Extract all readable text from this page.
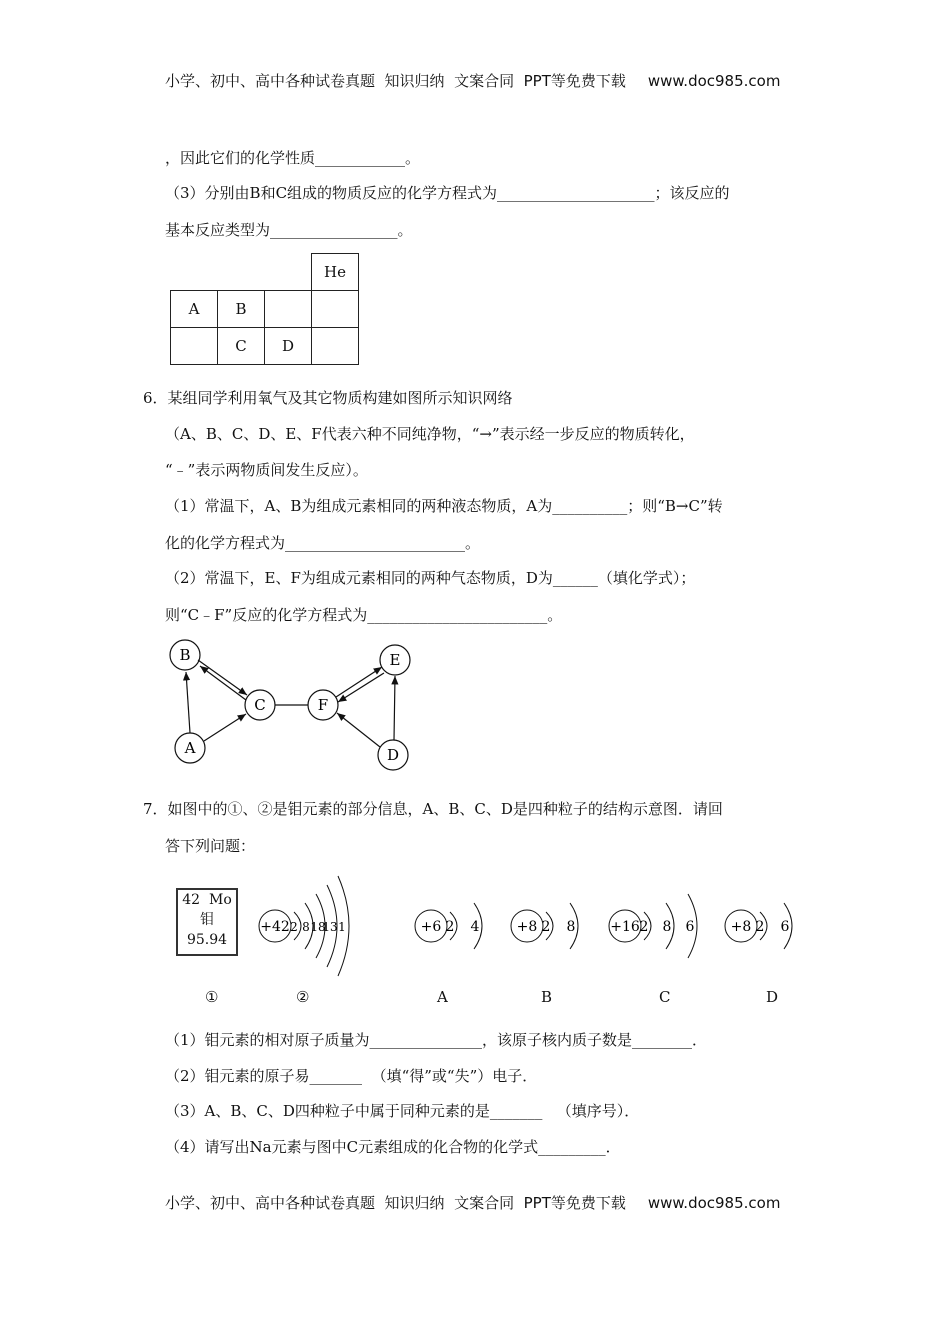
小学、初中、高中各种试卷真题  知识归纳  文案合同  PPT等免费下载 www.doc985.com
，因此它们的化学性质____________。
（3）分别由B和C组成的物质反应的化学方程式为_____________________；该反应的
基本反应类型为_________________。
			He
A	B		
	C	D	
6．某组同学利用氧气及其它物质构建如图所示知识网络
（A、B、C、D、E、F代表六种不同纯净物，“→”表示经一步反应的物质转化，
“﹣”表示两物质间发生反应）。
（1）常温下，A、B为组成元素相同的两种液态物质，A为__________；则“B→C”转
化的化学方程式为________________________。
（2）常温下，E、F为组成元素相同的两种气态物质，D为______（填化学式）；
则“C﹣F”反应的化学方程式为________________________。
B
C
A
F
E
D
+42 2 8 18
13 1	+6 2 4	+8 2 8 +16 2 8 6	+8 2 6
7．如图中的①、②是钼元素的部分信息，A、B、C、D是四种粒子的结构示意图．请回
答下列问题：
42 Mo
钼
95.94
①	②	A	B	C	D
（1）钼元素的相对原子质量为_______________，该原子核内质子数是________．
（2）钼元素的原子易_______  （填“得”或“失”）电子．
（3）A、B、C、D四种粒子中属于同种元素的是_______   （填序号）．
（4）请写出Na元素与图中C元素组成的化合物的化学式_________．
小学、初中、高中各种试卷真题  知识归纳  文案合同  PPT等免费下载 www.doc985.com
